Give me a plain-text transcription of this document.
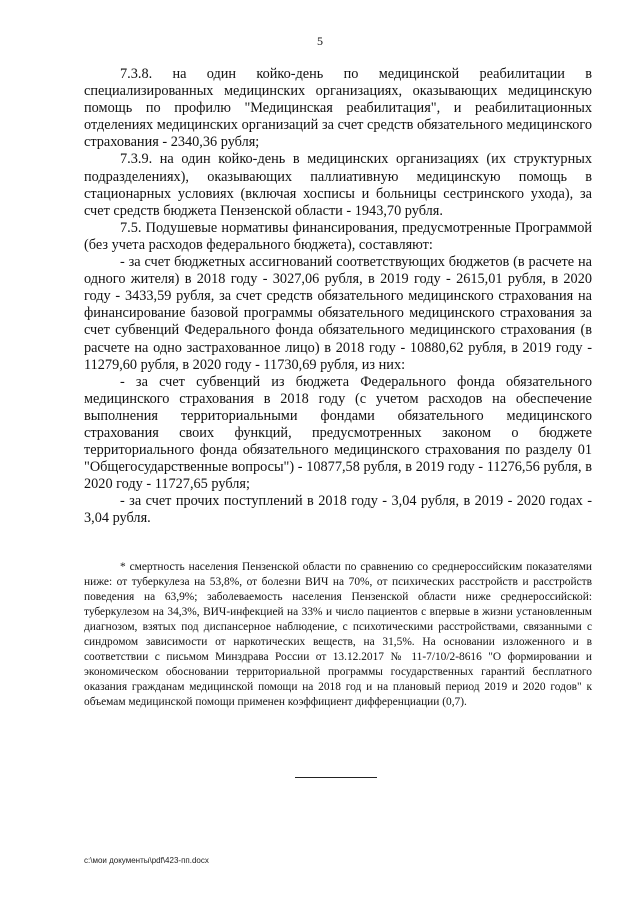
5

7.3.8. на один койко-день по медицинской реабилитации в специализированных медицинских организациях, оказывающих медицинскую помощь по профилю "Медицинская реабилитация", и реабилитационных отделениях медицинских организаций за счет средств обязательного медицинского страхования - 2340,36 рубля;

7.3.9. на один койко-день в медицинских организациях (их структурных подразделениях), оказывающих паллиативную медицинскую помощь в стационарных условиях (включая хосписы и больницы сестринского ухода), за счет средств бюджета Пензенской области - 1943,70 рубля.

7.5. Подушевые нормативы финансирования, предусмотренные Программой (без учета расходов федерального бюджета), составляют:

- за счет бюджетных ассигнований соответствующих бюджетов (в расчете на одного жителя) в 2018 году - 3027,06 рубля, в 2019 году - 2615,01 рубля, в 2020 году - 3433,59 рубля, за счет средств обязательного медицинского страхования на финансирование базовой программы обязательного медицинского страхования за счет субвенций Федерального фонда обязательного медицинского страхования (в расчете на одно застрахованное лицо) в 2018 году - 10880,62 рубля, в 2019 году - 11279,60 рубля, в 2020 году - 11730,69 рубля, из них:

- за счет субвенций из бюджета Федерального фонда обязательного медицинского страхования в 2018 году (с учетом расходов на обеспечение выполнения территориальными фондами обязательного медицинского страхования своих функций, предусмотренных законом о бюджете территориального фонда обязательного медицинского страхования по разделу 01 "Общегосударственные вопросы") - 10877,58 рубля, в 2019 году - 11276,56 рубля, в 2020 году - 11727,65 рубля;

- за счет прочих поступлений в 2018 году - 3,04 рубля, в 2019 - 2020 годах - 3,04 рубля.

* смертность населения Пензенской области по сравнению со среднероссийским показателями ниже: от туберкулеза на 53,8%, от болезни ВИЧ на 70%, от психических расстройств и расстройств поведения на 63,9%; заболеваемость населения Пензенской области ниже среднероссийской: туберкулезом на 34,3%, ВИЧ-инфекцией на 33% и число пациентов с впервые в жизни установленным диагнозом, взятых под диспансерное наблюдение, с психотическими расстройствами, связанными с синдромом зависимости от наркотических веществ, на 31,5%. На основании изложенного и в соответствии с письмом Минздрава России от 13.12.2017 № 11-7/10/2-8616 "О формировании и экономическом обосновании территориальной программы государственных гарантий бесплатного оказания гражданам медицинской помощи на 2018 год и на плановый период 2019 и 2020 годов" к объемам медицинской помощи применен коэффициент дифференциации (0,7).

c:\мои документы\pdf\423-пп.docx
